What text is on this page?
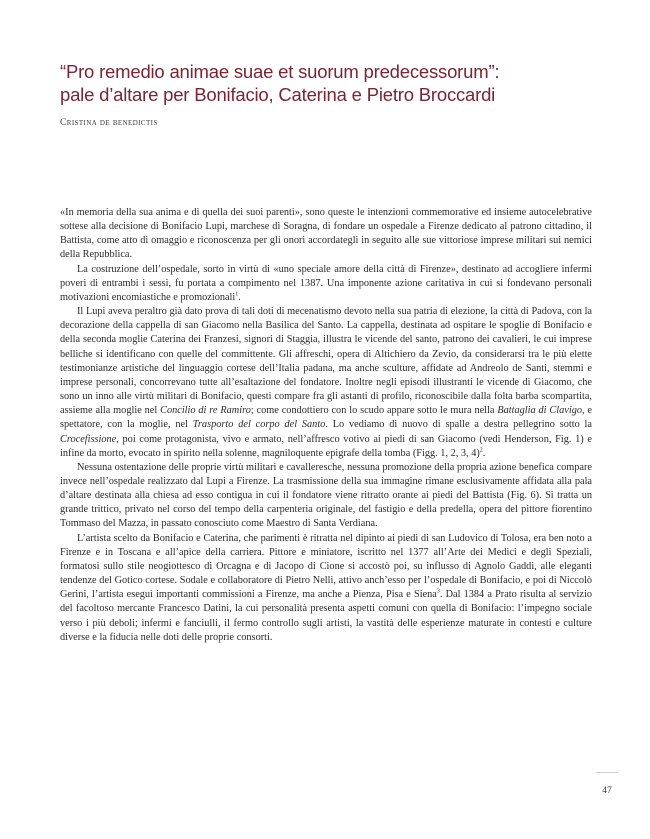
“Pro remedio animae suae et suorum predecessorum”:
pale d’altare per Bonifacio, Caterina e Pietro Broccardi
Cristina de benedictis

«In memoria della sua anima e di quella dei suoi parenti», sono queste le intenzioni commemorative ed insieme autocelebrative sottese alla decisione di Bonifacio Lupi, marchese di Soragna, di fondare un ospedale a Firenze dedicato al patrono cittadino, il Battista, come atto di omaggio e riconoscenza per gli onori accordategli in seguito alle sue vittoriose imprese militari sui nemici della Repubblica.

La costruzione dell’ospedale, sorto in virtù di «uno speciale amore della città di Firenze», destinato ad accogliere infermi poveri di entrambi i sessi, fu portata a compimento nel 1387. Una imponente azione caritativa in cui si fondevano personali motivazioni encomiastiche e promozionali$^1$.

Il Lupi aveva peraltro già dato prova di tali doti di mecenatismo devoto nella sua patria di elezione, la città di Padova, con la decorazione della cappella di san Giacomo nella Basilica del Santo. La cappella, destinata ad ospitare le spoglie di Bonifacio e della seconda moglie Caterina dei Franzesi, signori di Staggia, illustra le vicende del santo, patrono dei cavalieri, le cui imprese belliche si identificano con quelle del committente. Gli affreschi, opera di Altichiero da Zevio, da considerarsi tra le più elette testimonianze artistiche del linguaggio cortese dell’Italia padana, ma anche sculture, affidate ad Andreolo de Santi, stemmi e imprese personali, concorrevano tutte all’esaltazione del fondatore. Inoltre negli episodi illustranti le vicende di Giacomo, che sono un inno alle virtù militari di Bonifacio, questi compare fra gli astanti di profilo, riconoscibile dalla folta barba scompartita, assieme alla moglie nel Concilio di re Ramiro; come condottiero con lo scudo appare sotto le mura nella Battaglia di Clavigo, e spettatore, con la moglie, nel Trasporto del corpo del Santo. Lo vediamo di nuovo di spalle a destra pellegrino sotto la Crocefissione, poi come protagonista, vivo e armato, nell’affresco votivo ai piedi di san Giacomo (vedi Henderson, Fig. 1) e infine da morto, evocato in spirito nella solenne, magniloquente epigrafe della tomba (Figg. 1, 2, 3, 4)$^2$.

Nessuna ostentazione delle proprie virtù militari e cavalleresche, nessuna promozione della propria azione benefica compare invece nell’ospedale realizzato dal Lupi a Firenze. La trasmissione della sua immagine rimane esclusivamente affidata alla pala d’altare destinata alla chiesa ad esso contigua in cui il fondatore viene ritratto orante ai piedi del Battista (Fig. 6). Si tratta un grande trittico, privato nel corso del tempo della carpenteria originale, del fastigio e della predella, opera del pittore fiorentino Tommaso del Mazza, in passato conosciuto come Maestro di Santa Verdiana.

L’artista scelto da Bonifacio e Caterina, che parimenti è ritratta nel dipinto ai piedi di san Ludovico di Tolosa, era ben noto a Firenze e in Toscana e all’apice della carriera. Pittore e miniatore, iscritto nel 1377 all’Arte dei Medici e degli Speziali, formatosi sullo stile neogiottesco di Orcagna e di Jacopo di Cione si accostò poi, su influsso di Agnolo Gaddi, alle eleganti tendenze del Gotico cortese. Sodale e collaboratore di Pietro Nelli, attivo anch’esso per l’ospedale di Bonifacio, e poi di Niccolò Gerini, l’artista eseguì importanti commissioni a Firenze, ma anche a Pienza, Pisa e Siena$^3$. Dal 1384 a Prato risulta al servizio del facoltoso mercante Francesco Datini, la cui personalità presenta aspetti comuni con quella di Bonifacio: l’impegno sociale verso i più deboli; infermi e fanciulli, il fermo controllo sugli artisti, la vastità delle esperienze maturate in contesti e culture diverse e la fiducia nelle doti delle proprie consorti.

47
